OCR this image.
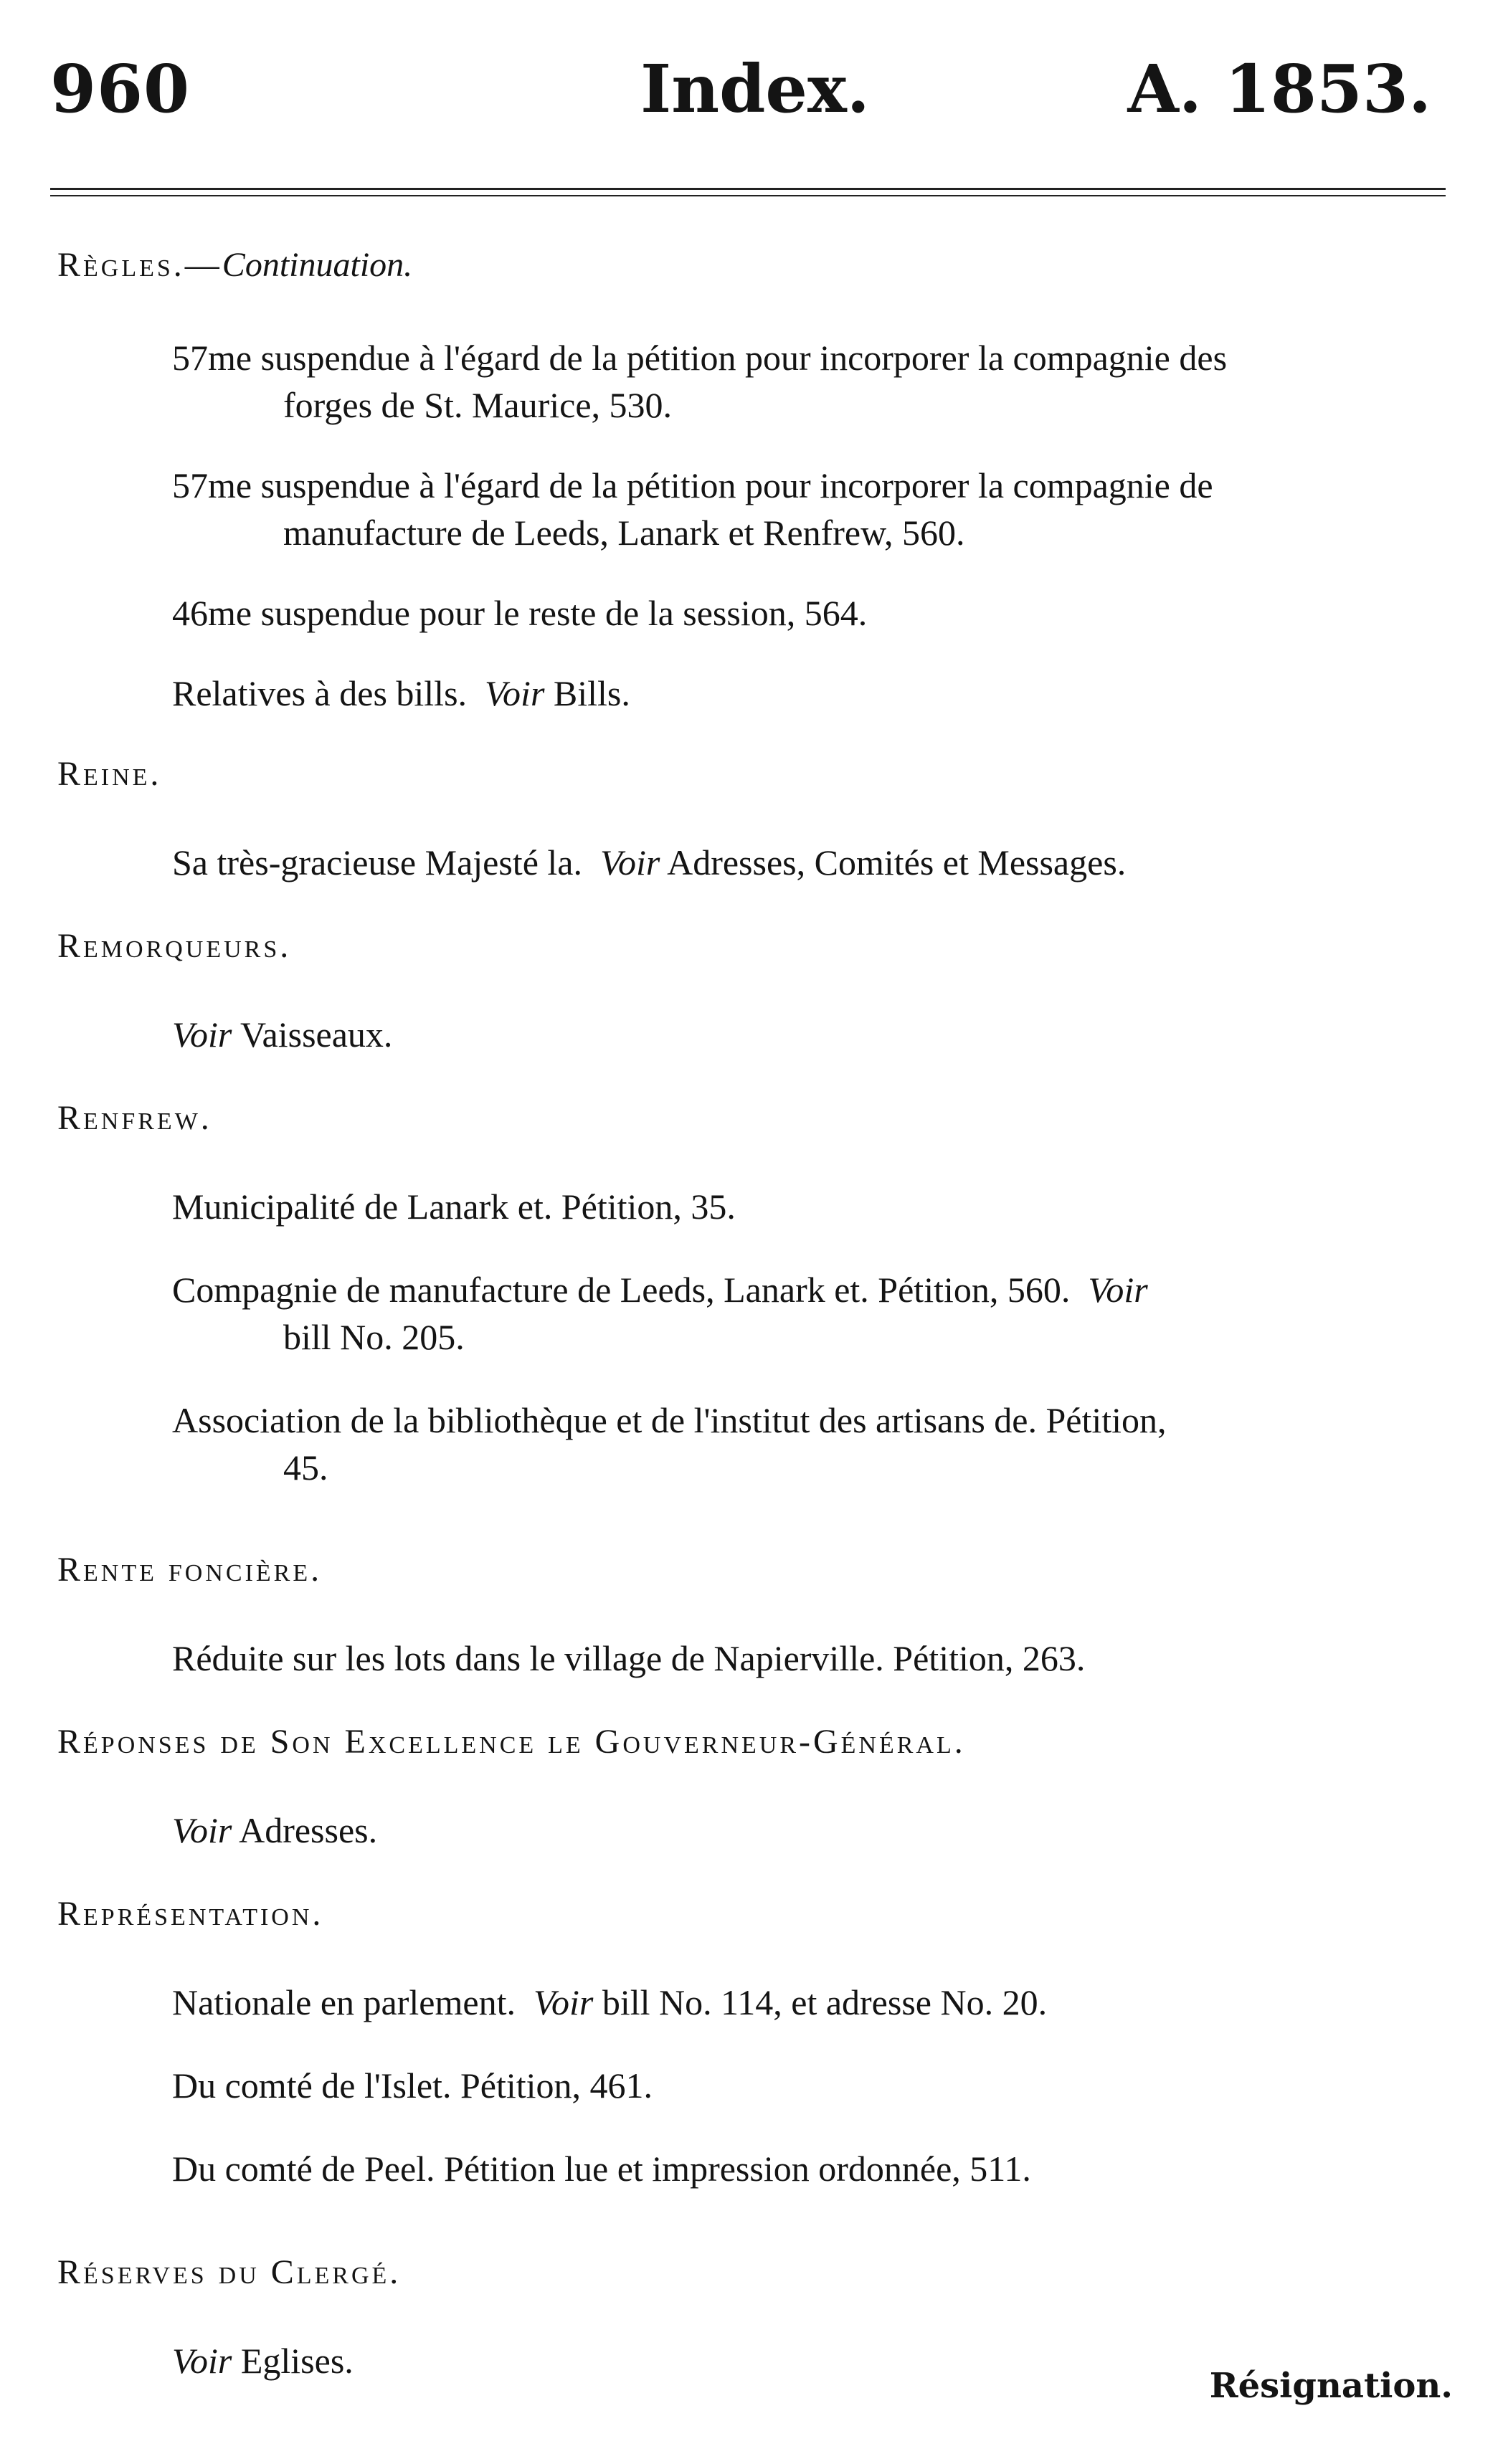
960	Index.	A. 1853.

Règles.—Continuation.

57me suspendue à l'égard de la pétition pour incorporer la compagnie des
forges de St. Maurice, 530.

57me suspendue à l'égard de la pétition pour incorporer la compagnie de
manufacture de Leeds, Lanark et Renfrew, 560.

46me suspendue pour le reste de la session, 564.

Relatives à des bills. Voir Bills.

Reine.

Sa très-gracieuse Majesté la. Voir Adresses, Comités et Messages.

Remorqueurs.

Voir Vaisseaux.

Renfrew.

Municipalité de Lanark et. Pétition, 35.

Compagnie de manufacture de Leeds, Lanark et. Pétition, 560. Voir
bill No. 205.

Association de la bibliothèque et de l'institut des artisans de. Pétition,
45.

Rente foncière.

Réduite sur les lots dans le village de Napierville. Pétition, 263.

Réponses de Son Excellence le Gouverneur-Général.

Voir Adresses.

Représentation.

Nationale en parlement. Voir bill No. 114, et adresse No. 20.

Du comté de l'Islet. Pétition, 461.

Du comté de Peel. Pétition lue et impression ordonnée, 511.

Réserves du Clergé.

Voir Eglises.

Résignation.
